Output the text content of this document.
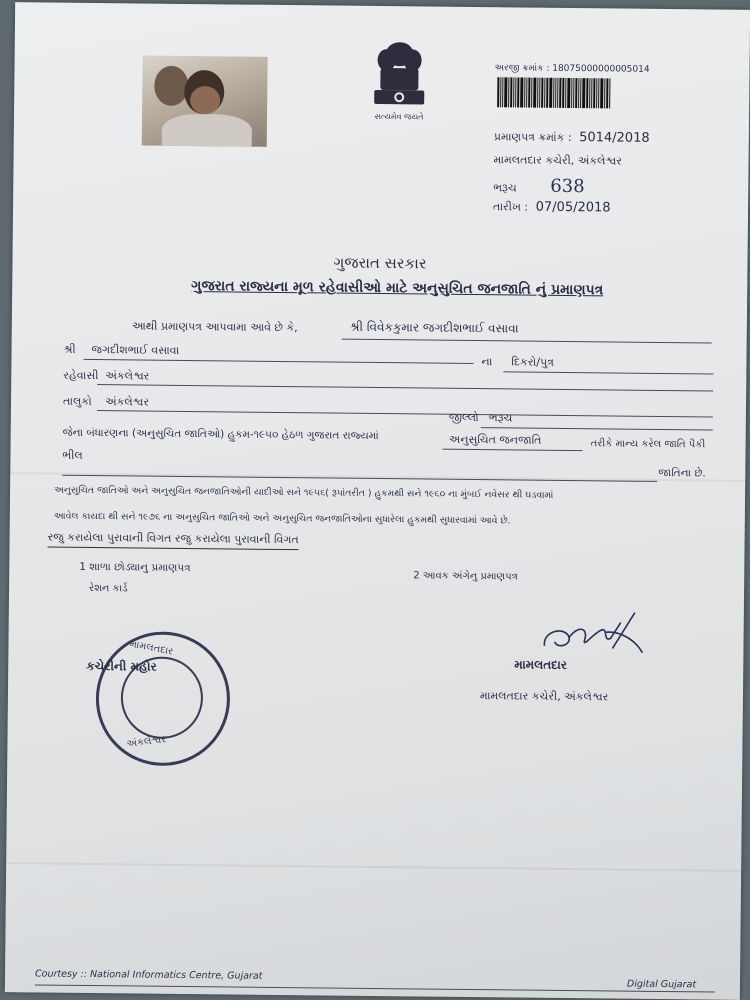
સત્યમેવ જયતે
અરજી ક્રમાંક : 18075000000005014
પ્રમાણપત્ર ક્રમાંક : 5014/2018
મામલતદાર કચેરી, અંકલેશ્વર
ભરૂચ 638
તારીખ : 07/05/2018
ગુજરાત સરકાર
ગુજરાત રાજ્યના મૂળ રહેવાસીઓ માટે અનુસુચિત જનજાતિ નું પ્રમાણપત્ર
આથી પ્રમાણપત્ર આપવામા આવે છે કે,	શ્રી વિવેકકુમાર જગદીશભાઈ વસાવા
શ્રી જગદીશભાઈ વસાવા
ના દિકરો/પુત્ર
રહેવાસી અંકલેશ્વર
તાલુકો અંકલેશ્વર
જીલ્લો ભરૂચ
જેના બંધારણના (અનુસુચિત જાતિઓ) હુકમ-૧૯૫૦ હેઠળ ગુજરાત રાજ્યમાં	અનુસુચિત જનજાતિ	તરીકે માન્ય કરેલ જાતિ પૈકી
ભીલ
જાતિના છે.
અનુસુચિત જાતિઓ અને અનુસુચિત જનજાતિઓની યાદીઓ સને ૧૯૫૬( રૂપાંતરીત ) હુકમથી સને ૧૯૬૦ ના મુંબઈ નવેસર થી ઘડવામાં
આવેલ કાયદા થી સને ૧૯૭૬ ના અનુસુચિત જાતિઓ અને અનુસુચિત જનજાતિઓના સુધારેલા હુકમથી સુધારવામાં આવે છે.
રજુ કરાયેલા પુરાવાની વિગત રજુ કરાયેલા પુરાવાની વિગત
1 શાળા છોડ્યાનુ પ્રમાણપત્ર
રેશન કાર્ડ
2 આવક અંગેનુ પ્રમાણપત્ર
મામલતદાર
અંકલેશ્વર
કચેરીની મહોર	મામલતદાર
મામલતદાર કચેરી, અંકલેશ્વર
Courtesy :: National Informatics Centre, Gujarat
Digital Gujarat
